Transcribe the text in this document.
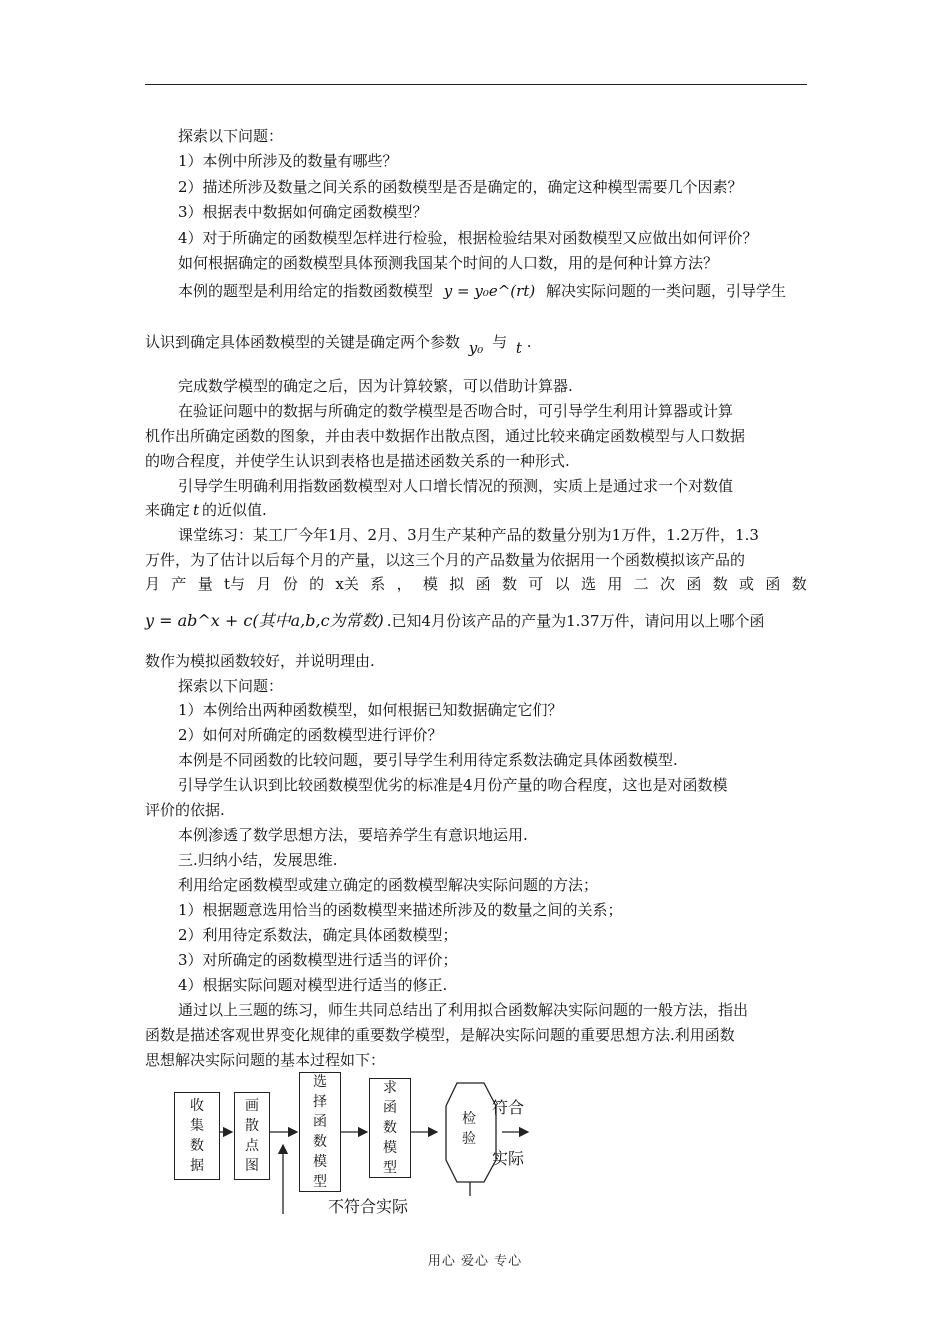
探索以下问题：
1）本例中所涉及的数量有哪些？
2）描述所涉及数量之间关系的函数模型是否是确定的，确定这种模型需要几个因素？
3）根据表中数据如何确定函数模型？
4）对于所确定的函数模型怎样进行检验，根据检验结果对函数模型又应做出如何评价？
如何根据确定的函数模型具体预测我国某个时间的人口数，用的是何种计算方法？
本例的题型是利用给定的指数函数模型 y = y₀e^(rt) 解决实际问题的一类问题，引导学生
认识到确定具体函数模型的关键是确定两个参数 y₀ 与 t .
完成数学模型的确定之后，因为计算较繁，可以借助计算器.
在验证问题中的数据与所确定的数学模型是否吻合时，可引导学生利用计算器或计算
机作出所确定函数的图象，并由表中数据作出散点图，通过比较来确定函数模型与人口数据
的吻合程度，并使学生认识到表格也是描述函数关系的一种形式.
引导学生明确利用指数函数模型对人口增长情况的预测，实质上是通过求一个对数值
来确定 t 的近似值.
课堂练习：某工厂今年1月、2月、3月生产某种产品的数量分别为1万件，1.2万件，1.3
万件，为了估计以后每个月的产量，以这三个月的产品数量为依据用一个函数模拟该产品的
月 产 量 t与 月 份 的 x关 系 ， 模 拟 函 数 可 以 选 用 二 次 函 数 或 函 数
y = ab^x + c(其中a,b,c为常数) .已知4月份该产品的产量为1.37万件，请问用以上哪个函
数作为模拟函数较好，并说明理由.
探索以下问题：
1）本例给出两种函数模型，如何根据已知数据确定它们？
2）如何对所确定的函数模型进行评价？
本例是不同函数的比较问题，要引导学生利用待定系数法确定具体函数模型.
引导学生认识到比较函数模型优劣的标准是4月份产量的吻合程度，这也是对函数模
评价的依据.
本例渗透了数学思想方法，要培养学生有意识地运用.
三.归纳小结，发展思维.
利用给定函数模型或建立确定的函数模型解决实际问题的方法；
1）根据题意选用恰当的函数模型来描述所涉及的数量之间的关系；
2）利用待定系数法，确定具体函数模型；
3）对所确定的函数模型进行适当的评价；
4）根据实际问题对模型进行适当的修正.
通过以上三题的练习，师生共同总结出了利用拟合函数解决实际问题的一般方法，指出
函数是描述客观世界变化规律的重要数学模型，是解决实际问题的重要思想方法.利用函数
思想解决实际问题的基本过程如下：
收集数据
画散点图
选择函数模型
求函数模型
检验
符合
实际
不符合实际
用心 爱心 专心
